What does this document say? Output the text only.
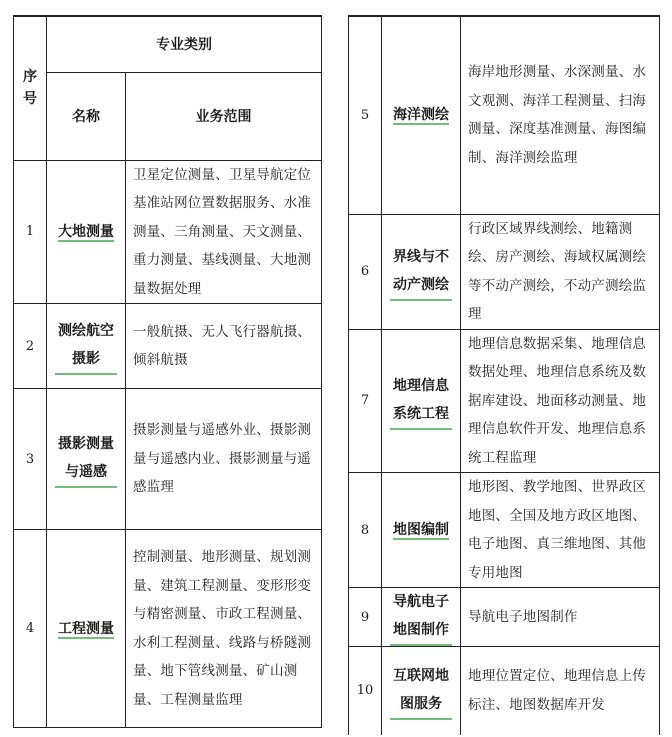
序号	专业类别	
	名称	业务范围
1	大地测量	卫星定位测量、卫星导航定位基准站网位置数据服务、水准测量、三角测量、天文测量、重力测量、基线测量、大地测量数据处理
2	测绘航空摄影	一般航摄、无人飞行器航摄、倾斜航摄
3	摄影测量与遥感	摄影测量与遥感外业、摄影测量与遥感内业、摄影测量与遥感监理
4	工程测量	控制测量、地形测量、规划测量、建筑工程测量、变形形变与精密测量、市政工程测量、水利工程测量、线路与桥隧测量、地下管线测量、矿山测量、工程测量监理
5	海洋测绘	海岸地形测量、水深测量、水文观测、海洋工程测量、扫海测量、深度基准测量、海图编制、海洋测绘监理
6	界线与不动产测绘	行政区域界线测绘、地籍测绘、房产测绘、海域权属测绘等不动产测绘，不动产测绘监理
7	地理信息系统工程	地理信息数据采集、地理信息数据处理、地理信息系统及数据库建设、地面移动测量、地理信息软件开发、地理信息系统工程监理
8	地图编制	地形图、教学地图、世界政区地图、全国及地方政区地图、电子地图、真三维地图、其他专用地图
9	导航电子地图制作	导航电子地图制作
10	互联网地图服务	地理位置定位、地理信息上传标注、地图数据库开发
